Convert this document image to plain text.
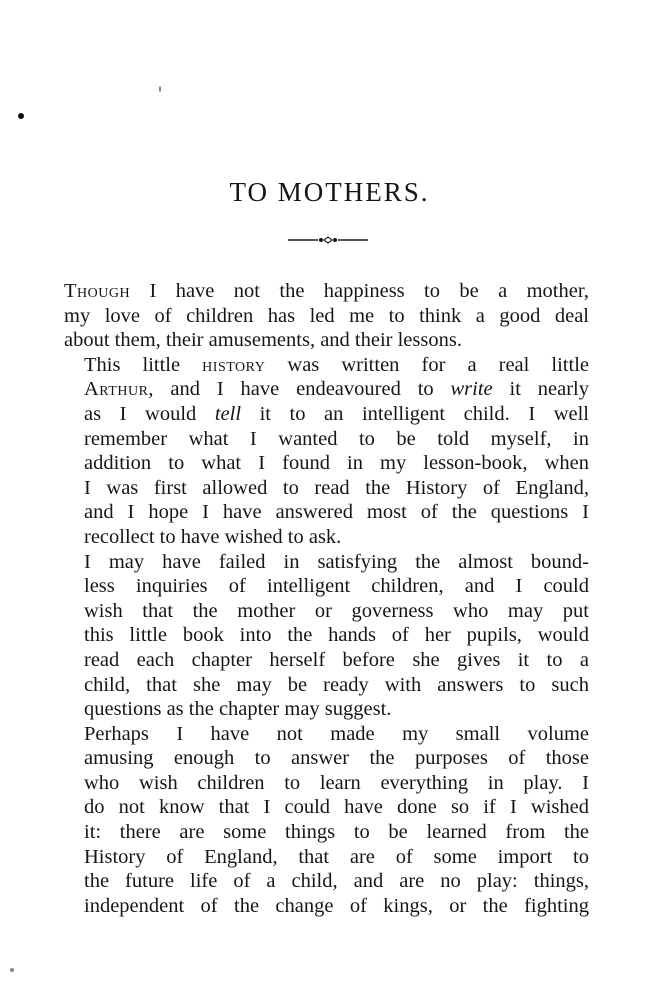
TO MOTHERS.

Though I have not the happiness to be a mother,
my love of children has led me to think a good deal
about them, their amusements, and their lessons.

This little history was written for a real little
Arthur, and I have endeavoured to write it nearly
as I would tell it to an intelligent child. I well
remember what I wanted to be told myself, in
addition to what I found in my lesson-book, when
I was first allowed to read the History of England,
and I hope I have answered most of the questions I
recollect to have wished to ask.

I may have failed in satisfying the almost bound-
less inquiries of intelligent children, and I could
wish that the mother or governess who may put
this little book into the hands of her pupils, would
read each chapter herself before she gives it to a
child, that she may be ready with answers to such
questions as the chapter may suggest.

Perhaps I have not made my small volume
amusing enough to answer the purposes of those
who wish children to learn everything in play. I
do not know that I could have done so if I wished
it: there are some things to be learned from the
History of England, that are of some import to
the future life of a child, and are no play: things,
independent of the change of kings, or the fighting
